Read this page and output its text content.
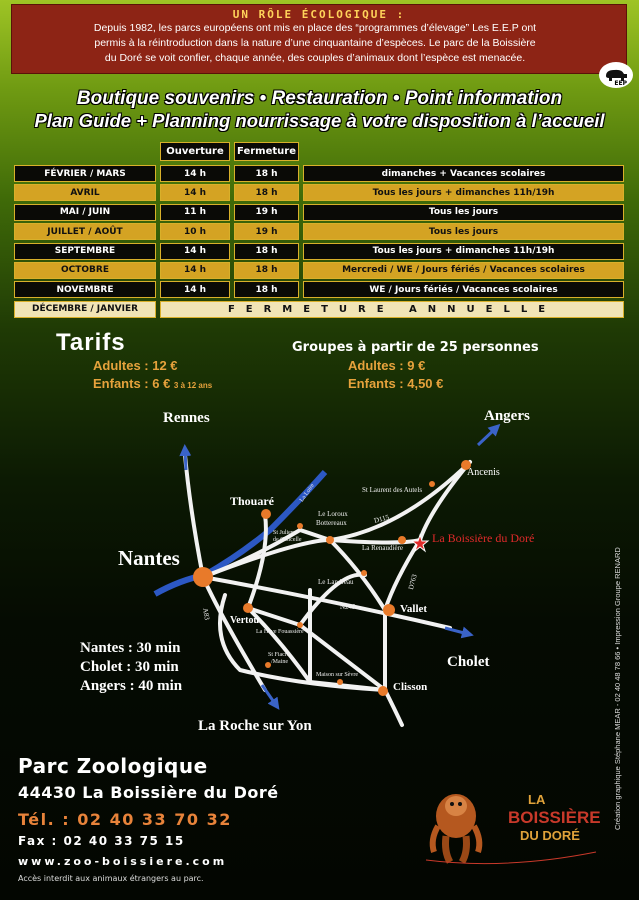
UN RÔLE ÉCOLOGIQUE :
Depuis 1982, les parcs européens ont mis en place des “programmes d’élevage” Les E.E.P ont
permis à la réintroduction dans la nature d’une cinquantaine d’espèces. Le parc de la Boissière
du Doré se voit confier, chaque année, des couples d’animaux dont l’espèce est menacée.
EEP
Boutique souvenirs • Restauration • Point information
Plan Guide + Planning nourrissage à votre disposition à l’accueil
Ouverture	Fermeture
FÉVRIER / MARS	14 h	18 h	dimanches + Vacances scolaires
AVRIL	14 h	18 h	Tous les jours + dimanches 11h/19h
MAI / JUIN	11 h	19 h	Tous les jours
JUILLET / AOÛT	10 h	19 h	Tous les jours
SEPTEMBRE	14 h	18 h	Tous les jours + dimanches 11h/19h
OCTOBRE	14 h	18 h	Mercredi / WE / Jours fériés / Vacances scolaires
NOVEMBRE	14 h	18 h	WE / Jours fériés / Vacances scolaires
DÉCEMBRE / JANVIER	FERMETURE ANNUELLE
Tarifs
Adultes : 12 €
Enfants : 6 € 3 à 12 ans
Groupes à partir de 25 personnes
Adultes : 9 €
Enfants : 4,50 €
Rennes	Angers
Nantes
Cholet
La Roche sur Yon
Thouaré
Ancenis
Vallet
Clisson
Vertou
La Boissière du Doré
St Laurent des Autels
Le Loroux
Bottereaux
St Julien
de Concelle
La Renaudière
Le Landreau
La Haye Fouassière
St Fiacre
/Maine
Maison sur Sèvre
La Loire
D115
D763
N249
A83
Nantes : 30 min
Cholet : 30 min
Angers : 40 min
Parc Zoologique
44430 La Boissière du Doré
Tél. : 02 40 33 70 32
Fax : 02 40 33 75 15
www.zoo-boissiere.com
Accès interdit aux animaux étrangers au parc.
LA
BOISSIÈRE
DU DORÉ
Création graphique Stéphane MEAR - 02 40 48 78 66 • Impression Groupe RENARD
